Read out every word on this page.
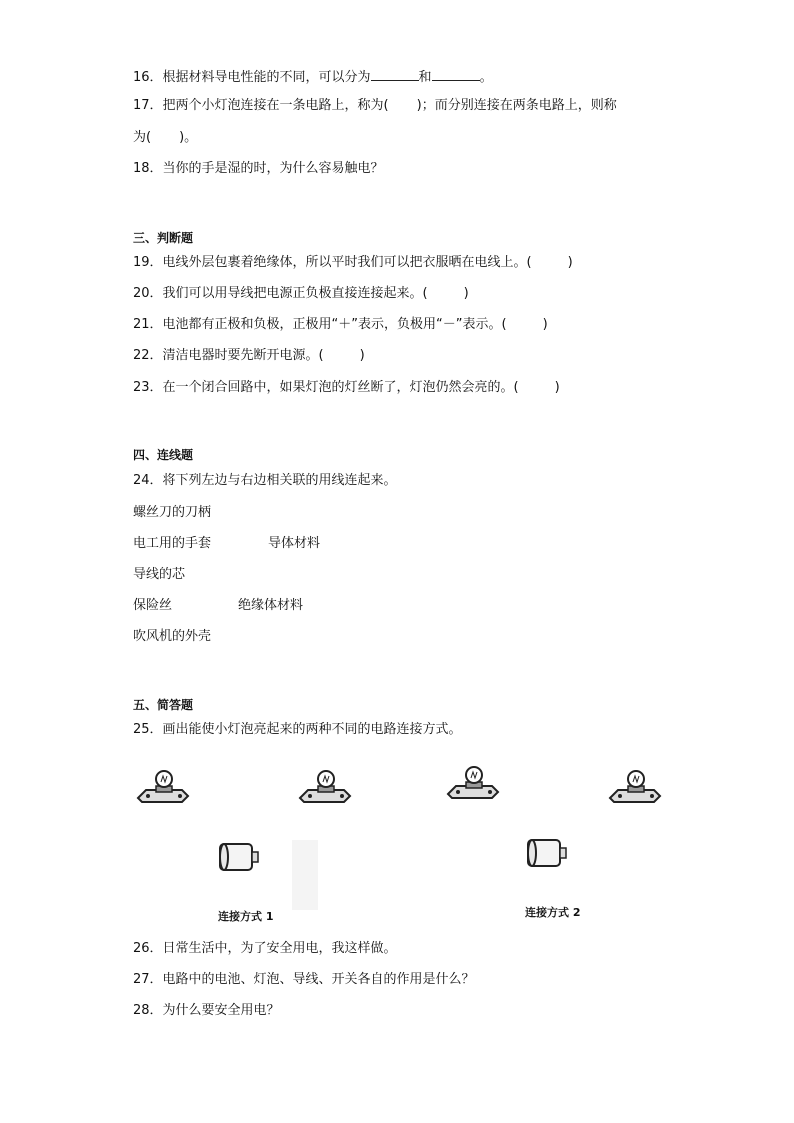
16．根据材料导电性能的不同，可以分为	和	。
17．把两个小灯泡连接在一条电路上，称为( )；而分别连接在两条电路上，则称
为( )。
18．当你的手是湿的时，为什么容易触电？
三、判断题
19．电线外层包裹着绝缘体，所以平时我们可以把衣服晒在电线上。(	)
20．我们可以用导线把电源正负极直接连接起来。(	)
21．电池都有正极和负极，正极用“＋”表示，负极用“－”表示。(	)
22．清洁电器时要先断开电源。(	)
23．在一个闭合回路中，如果灯泡的灯丝断了，灯泡仍然会亮的。(	)
四、连线题
24．将下列左边与右边相关联的用线连起来。
螺丝刀的刀柄
电工用的手套	导体材料
导线的芯
保险丝	绝缘体材料
吹风机的外壳
五、简答题
25．画出能使小灯泡亮起来的两种不同的电路连接方式。
连接方式 1	连接方式 2
26．日常生活中，为了安全用电，我这样做。
27．电路中的电池、灯泡、导线、开关各自的作用是什么？
28．为什么要安全用电？
